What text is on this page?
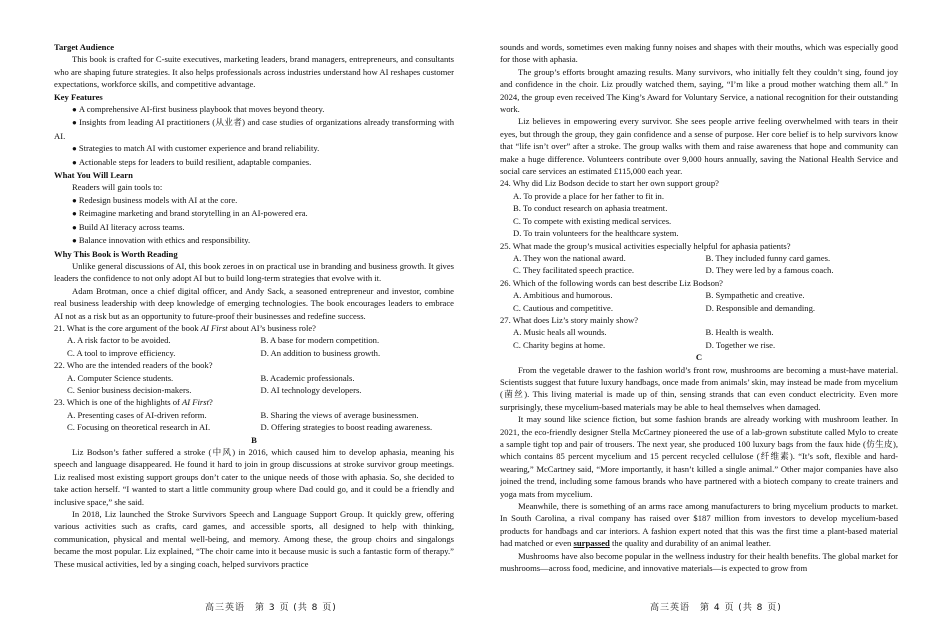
Target Audience

This book is crafted for C-suite executives, marketing leaders, brand managers, entrepreneurs, and consultants who are shaping future strategies. It also helps professionals across industries understand how AI reshapes customer expectations, workforce skills, and competitive advantage.

Key Features

● A comprehensive AI-first business playbook that moves beyond theory.

● Insights from leading AI practitioners (从业者) and case studies of organizations already transforming with AI.

● Strategies to match AI with customer experience and brand reliability.

● Actionable steps for leaders to build resilient, adaptable companies.

What You Will Learn

Readers will gain tools to:

● Redesign business models with AI at the core.

● Reimagine marketing and brand storytelling in an AI-powered era.

● Build AI literacy across teams.

● Balance innovation with ethics and responsibility.

Why This Book is Worth Reading

Unlike general discussions of AI, this book zeroes in on practical use in branding and business growth. It gives leaders the confidence to not only adopt AI but to build long-term strategies that evolve with it.

Adam Brotman, once a chief digital officer, and Andy Sack, a seasoned entrepreneur and investor, combine real business leadership with deep knowledge of emerging technologies. The book encourages leaders to embrace AI not as a risk but as an opportunity to future-proof their businesses and redefine success.

21. What is the core argument of the book AI First about AI’s business role?

A. A risk factor to be avoided.	B. A base for modern competition.
C. A tool to improve efficiency.	D. An addition to business growth.

22. Who are the intended readers of the book?

A. Computer Science students.	B. Academic professionals.
C. Senior business decision-makers.	D. AI technology developers.

23. Which is one of the highlights of AI First?

A. Presenting cases of AI-driven reform.	B. Sharing the views of average businessmen.
C. Focusing on theoretical research in AI.	D. Offering strategies to boost reading awareness.

B

Liz Bodson’s father suffered a stroke (中风) in 2016, which caused him to develop aphasia, meaning his speech and language disappeared. He found it hard to join in group discussions at stroke survivor group meetings. Liz realised most existing support groups don’t cater to the unique needs of those with aphasia. So, she decided to take action herself. “I wanted to start a little community group where Dad could go, and it could be a friendly and inclusive space,” she said.

In 2018, Liz launched the Stroke Survivors Speech and Language Support Group. It quickly grew, offering various activities such as crafts, card games, and accessible sports, all designed to help with thinking, communication, physical and mental well-being, and memory. Among these, the group choirs and singalongs became the most popular. Liz explained, “The choir came into it because music is such a fantastic form of therapy.” These musical activities, led by a singing coach, helped survivors practice

sounds and words, sometimes even making funny noises and shapes with their mouths, which was especially good for those with aphasia.

The group’s efforts brought amazing results. Many survivors, who initially felt they couldn’t sing, found joy and confidence in the choir. Liz proudly watched them, saying, “I’m like a proud mother watching them all.” In 2024, the group even received The King’s Award for Voluntary Service, a national recognition for their outstanding work.

Liz believes in empowering every survivor. She sees people arrive feeling overwhelmed with tears in their eyes, but through the group, they gain confidence and a sense of purpose. Her core belief is to help survivors know that “life isn’t over” after a stroke. The group walks with them and raise awareness that hope and community can make a huge difference. Volunteers contribute over 9,000 hours annually, saving the National Health Service and social care services an estimated £115,000 each year.

24. Why did Liz Bodson decide to start her own support group?

A. To provide a place for her father to fit in.
B. To conduct research on aphasia treatment.
C. To compete with existing medical services.
D. To train volunteers for the healthcare system.

25. What made the group’s musical activities especially helpful for aphasia patients?

A. They won the national award.	B. They included funny card games.
C. They facilitated speech practice.	D. They were led by a famous coach.

26. Which of the following words can best describe Liz Bodson?

A. Ambitious and humorous.	B. Sympathetic and creative.
C. Cautious and competitive.	D. Responsible and demanding.

27. What does Liz’s story mainly show?

A. Music heals all wounds.	B. Health is wealth.
C. Charity begins at home.	D. Together we rise.

C

From the vegetable drawer to the fashion world’s front row, mushrooms are becoming a must-have material. Scientists suggest that future luxury handbags, once made from animals’ skin, may instead be made from mycelium (菌丝). This living material is made up of thin, sensing strands that can even conduct electricity. Even more surprisingly, these mycelium-based materials may be able to heal themselves when damaged.

It may sound like science fiction, but some fashion brands are already working with mushroom leather. In 2021, the eco-friendly designer Stella McCartney pioneered the use of a lab-grown substitute called Mylo to create a sample tight top and pair of trousers. The next year, she produced 100 luxury bags from the faux hide (仿生皮), which contains 85 percent mycelium and 15 percent recycled cellulose (纤维素). “It’s soft, flexible and hard-wearing,” McCartney said, “More importantly, it hasn’t killed a single animal.” Other major companies have also joined the trend, including some famous brands who have partnered with a biotech company to create trainers and yoga mats from mycelium.

Meanwhile, there is something of an arms race among manufacturers to bring mycelium products to market. In South Carolina, a rival company has raised over $187 million from investors to develop mycelium-based products for handbags and car interiors. A fashion expert noted that this was the first time a plant-based material had matched or even surpassed the quality and durability of an animal leather.

Mushrooms have also become popular in the wellness industry for their health benefits. The global market for mushrooms—across food, medicine, and innovative materials—is expected to grow from

高三英语　第 3 页 (共 8 页)	高三英语　第 4 页 (共 8 页)
